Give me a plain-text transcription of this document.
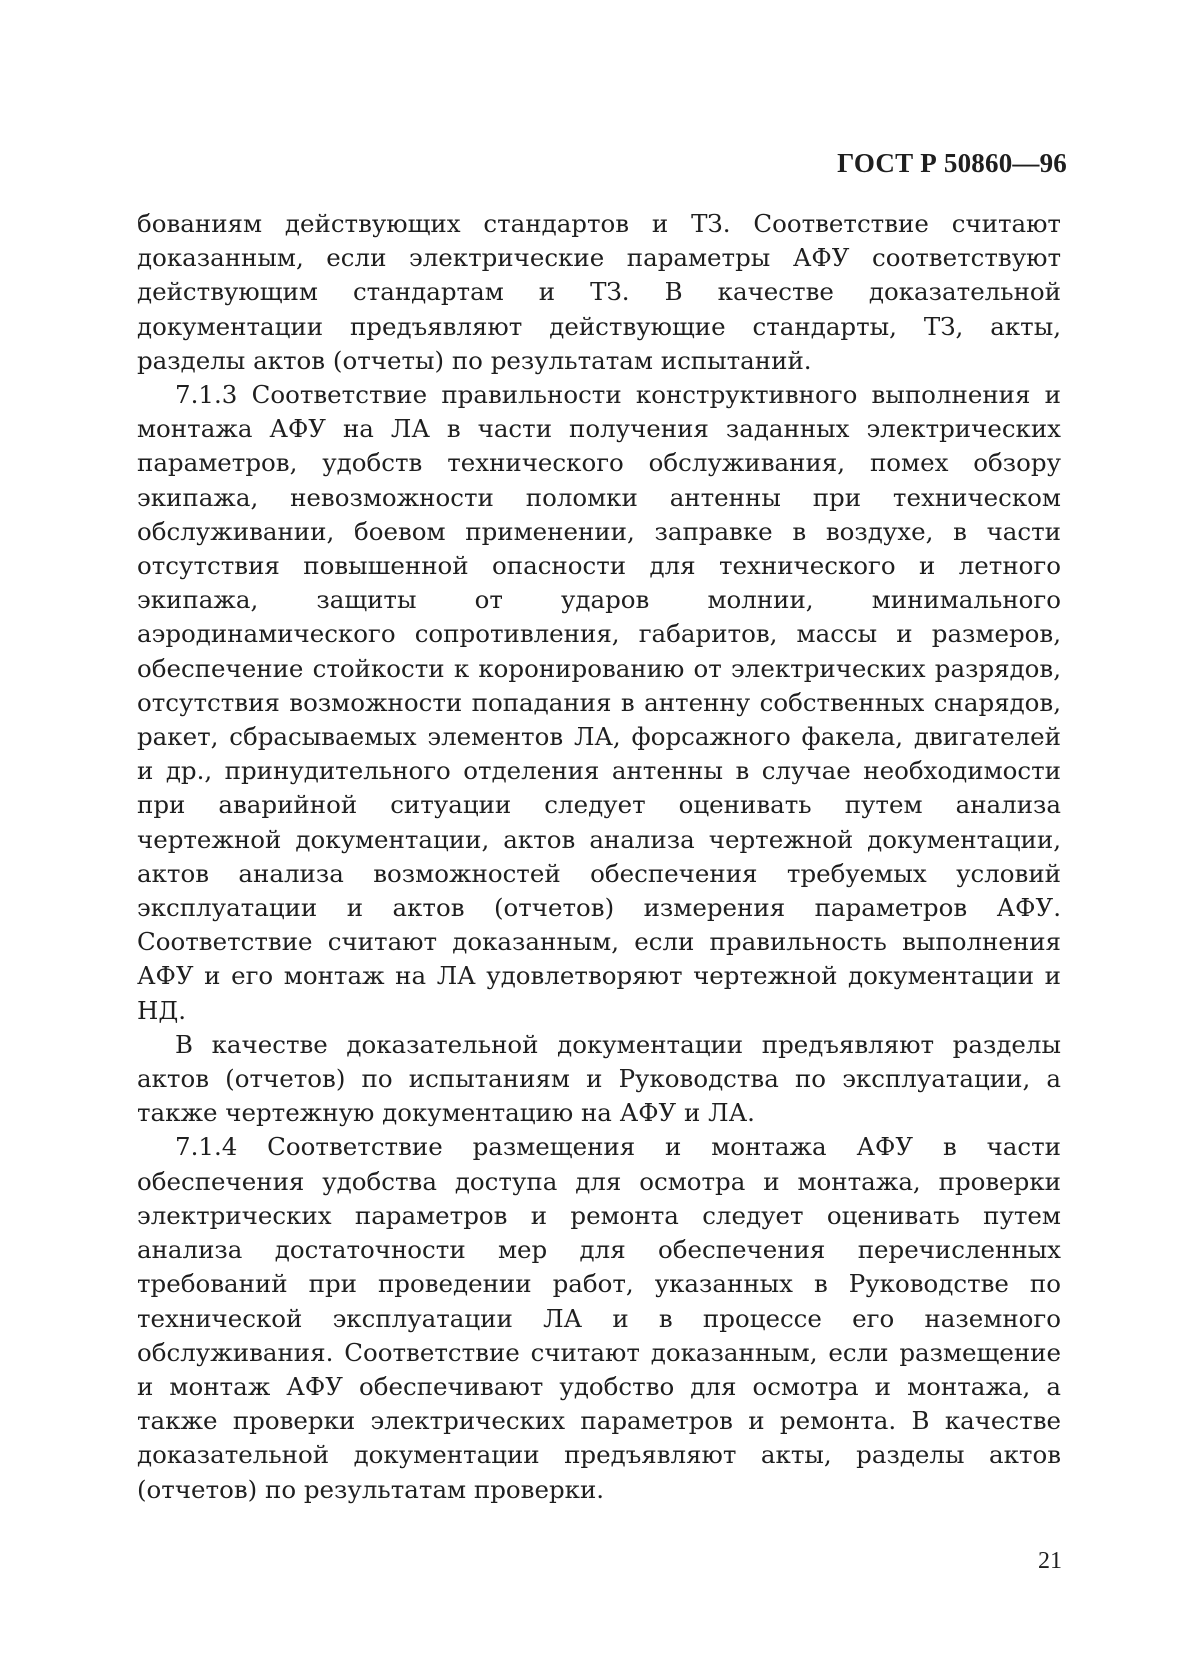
ГОСТ Р 50860—96

бованиям действующих стандартов и ТЗ. Соответствие считают доказанным, если электрические параметры АФУ соответствуют действующим стандартам и ТЗ. В качестве доказательной документации предъявляют действующие стандарты, ТЗ, акты, разделы актов (отчеты) по результатам испытаний.

7.1.3 Соответствие правильности конструктивного выполнения и монтажа АФУ на ЛА в части получения заданных электрических параметров, удобств технического обслуживания, помех обзору экипажа, невозможности поломки антенны при техническом обслуживании, боевом применении, заправке в воздухе, в части отсутствия повышенной опасности для технического и летного экипажа, защиты от ударов молнии, минимального аэродинамического сопротивления, габаритов, массы и размеров, обеспечение стойкости к коронированию от электрических разрядов, отсутствия возможности попадания в антенну собственных снарядов, ракет, сбрасываемых элементов ЛА, форсажного факела, двигателей и др., принудительного отделения антенны в случае необходимости при аварийной ситуации следует оценивать путем анализа чертежной документации, актов анализа чертежной документации, актов анализа возможностей обеспечения требуемых условий эксплуатации и актов (отчетов) измерения параметров АФУ. Соответствие считают доказанным, если правильность выполнения АФУ и его монтаж на ЛА удовлетворяют чертежной документации и НД.

В качестве доказательной документации предъявляют разделы актов (отчетов) по испытаниям и Руководства по эксплуатации, а также чертежную документацию на АФУ и ЛА.

7.1.4 Соответствие размещения и монтажа АФУ в части обеспечения удобства доступа для осмотра и монтажа, проверки электрических параметров и ремонта следует оценивать путем анализа достаточности мер для обеспечения перечисленных требований при проведении работ, указанных в Руководстве по технической эксплуатации ЛА и в процессе его наземного обслуживания. Соответствие считают доказанным, если размещение и монтаж АФУ обеспечивают удобство для осмотра и монтажа, а также проверки электрических параметров и ремонта. В качестве доказательной документации предъявляют акты, разделы актов (отчетов) по результатам проверки.

21
